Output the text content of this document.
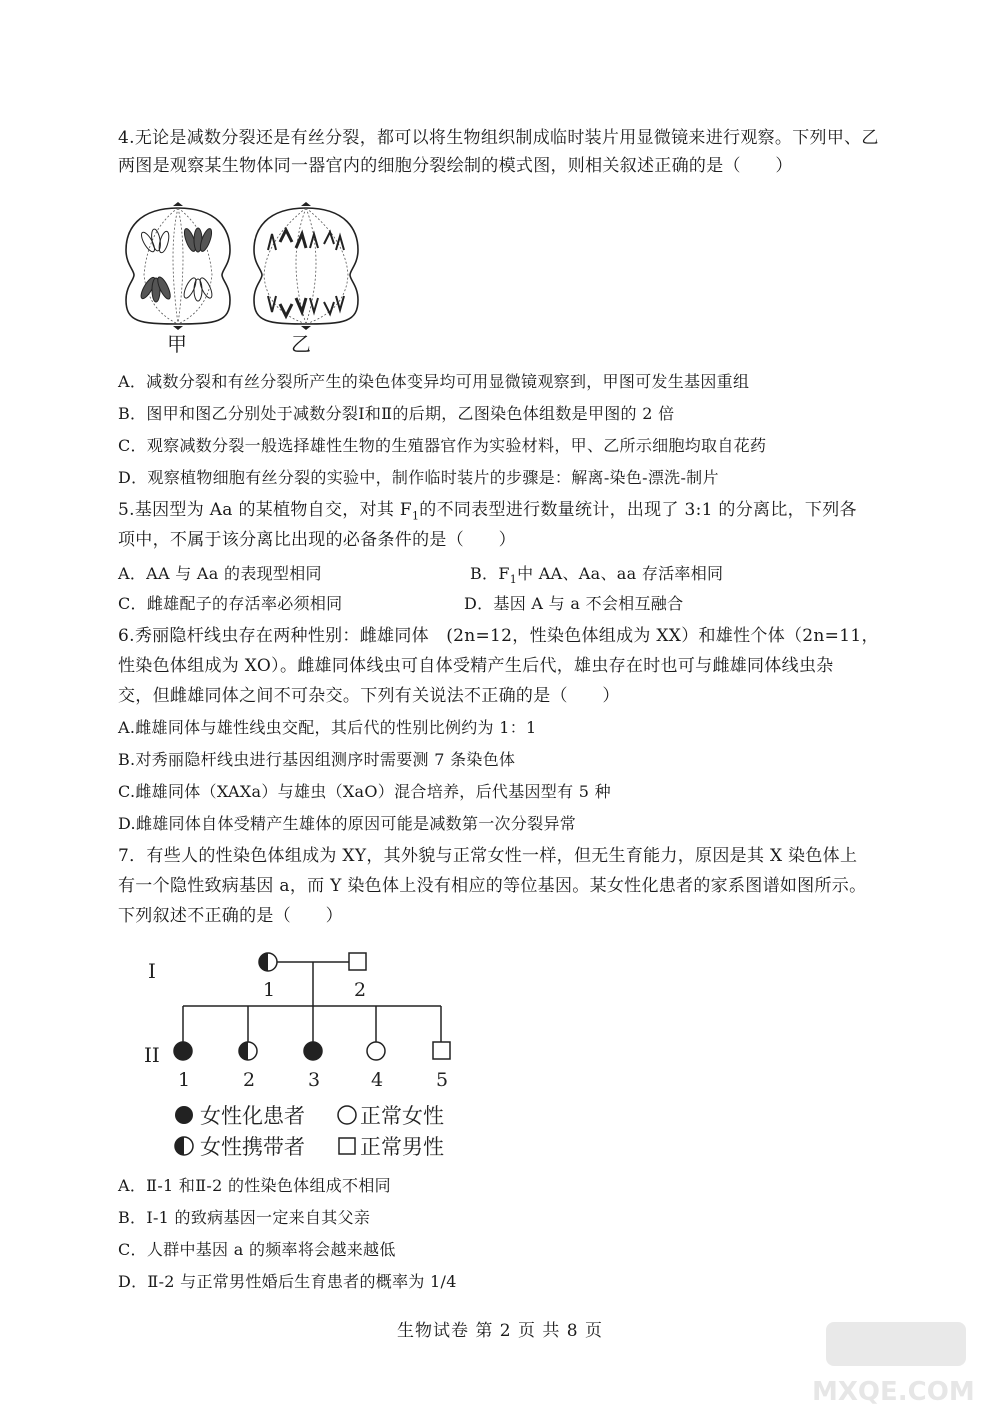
4.无论是减数分裂还是有丝分裂，都可以将生物组织制成临时装片用显微镜来进行观察。下列甲、乙
两图是观察某生物体同一器官内的细胞分裂绘制的模式图，则相关叙述正确的是（　　）
甲	乙
A．减数分裂和有丝分裂所产生的染色体变异均可用显微镜观察到，甲图可发生基因重组
B．图甲和图乙分别处于减数分裂Ⅰ和Ⅱ的后期，乙图染色体组数是甲图的 2 倍
C．观察减数分裂一般选择雄性生物的生殖器官作为实验材料，甲、乙所示细胞均取自花药
D．观察植物细胞有丝分裂的实验中，制作临时装片的步骤是：解离-染色-漂洗-制片
5.基因型为 Aa 的某植物自交，对其 $F_1$的不同表型进行数量统计，出现了 3:1 的分离比，下列各
项中，不属于该分离比出现的必备条件的是（　　）
A．AA 与 Aa 的表现型相同	B．$F_1$中 AA、Aa、aa 存活率相同
C．雌雄配子的存活率必须相同	D．基因 A 与 a 不会相互融合
6.秀丽隐杆线虫存在两种性别：雌雄同体　(2n=12，性染色体组成为 XX）和雄性个体（2n=11，
性染色体组成为 XO）。雌雄同体线虫可自体受精产生后代，雄虫存在时也可与雌雄同体线虫杂
交，但雌雄同体之间不可杂交。下列有关说法不正确的是（　　）
A.雌雄同体与雄性线虫交配，其后代的性别比例约为 1：1
B.对秀丽隐杆线虫进行基因组测序时需要测 7 条染色体
C.雌雄同体（XAXa）与雄虫（XaO）混合培养，后代基因型有 5 种
D.雌雄同体自体受精产生雄体的原因可能是减数第一次分裂异常
7．有些人的性染色体组成为 XY，其外貌与正常女性一样，但无生育能力，原因是其 X 染色体上
有一个隐性致病基因 a，而 Y 染色体上没有相应的等位基因。某女性化患者的家系图谱如图所示。
下列叙述不正确的是（　　）
I
II
1	2
1	2	3	4	5
女性化患者	正常女性
女性携带者	正常男性
A．Ⅱ-1 和Ⅱ-2 的性染色体组成不相同
B．I-1 的致病基因一定来自其父亲
C．人群中基因 a 的频率将会越来越低
D．Ⅱ-2 与正常男性婚后生育患者的概率为 1/4
生物试卷 第 2 页 共 8 页
MXQE.COM
